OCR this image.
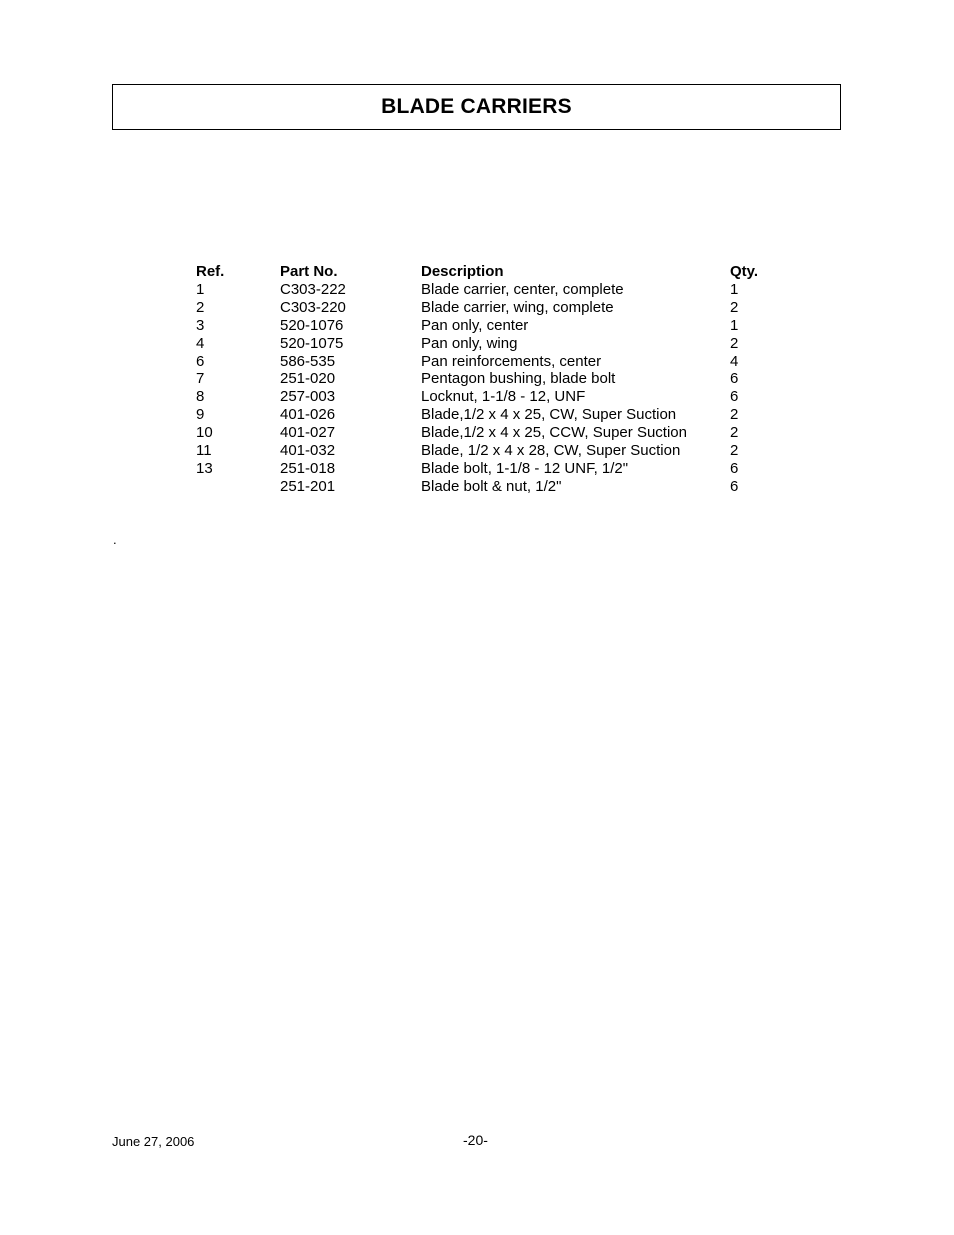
BLADE CARRIERS
Ref.	Part No.	Description	Qty.
1	C303-222	Blade carrier, center, complete	1
2	C303-220	Blade carrier, wing, complete	2
3	520-1076	Pan only, center	1
4	520-1075	Pan only, wing	2
6	586-535	Pan reinforcements, center	4
7	251-020	Pentagon bushing, blade bolt	6
8	257-003	Locknut, 1-1/8 - 12, UNF	6
9	401-026	Blade,1/2 x 4 x 25, CW, Super Suction	2
10	401-027	Blade,1/2 x 4 x 25, CCW, Super Suction	2
11	401-032	Blade, 1/2 x 4 x 28, CW, Super Suction	2
13	251-018	Blade bolt, 1-1/8 - 12 UNF, 1/2"	6
	251-201	Blade bolt & nut, 1/2"	6
.
June 27, 2006	-20-
